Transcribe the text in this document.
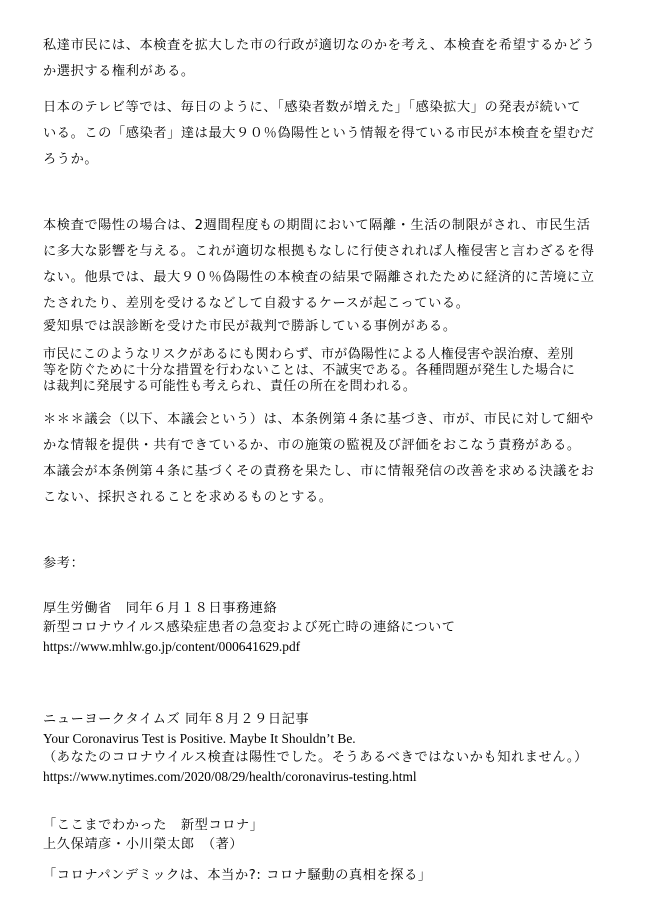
私達市民には、本検査を拡大した市の行政が適切なのかを考え、本検査を希望するかどう
か選択する権利がある。
日本のテレビ等では、毎日のように、「感染者数が増えた」「感染拡大」の発表が続いて
いる。この「感染者」達は最大９０％偽陽性という情報を得ている市民が本検査を望むだ
ろうか。
本検査で陽性の場合は、2週間程度もの期間において隔離・生活の制限がされ、市民生活
に多大な影響を与える。これが適切な根拠もなしに行使されれば人権侵害と言わざるを得
ない。他県では、最大９０％偽陽性の本検査の結果で隔離されたために経済的に苦境に立
たされたり、差別を受けるなどして自殺するケースが起こっている。
愛知県では誤診断を受けた市民が裁判で勝訴している事例がある。
市民にこのようなリスクがあるにも関わらず、市が偽陽性による人権侵害や誤治療、差別
等を防ぐために十分な措置を行わないことは、不誠実である。各種問題が発生した場合に
は裁判に発展する可能性も考えられ、責任の所在を問われる。
＊＊＊議会（以下、本議会という）は、本条例第４条に基づき、市が、市民に対して細や
かな情報を提供・共有できているか、市の施策の監視及び評価をおこなう責務がある。
本議会が本条例第４条に基づくその責務を果たし、市に情報発信の改善を求める決議をお
こない、採択されることを求めるものとする。
参考：
厚生労働省　同年６月１８日事務連絡
新型コロナウイルス感染症患者の急変および死亡時の連絡について
https://www.mhlw.go.jp/content/000641629.pdf
ニューヨークタイムズ 同年８月２９日記事
Your Coronavirus Test is Positive. Maybe It Shouldn’t Be.
（あなたのコロナウイルス検査は陽性でした。そうあるべきではないかも知れません。）
https://www.nytimes.com/2020/08/29/health/coronavirus-testing.html
「ここまでわかった　新型コロナ」
上久保靖彦・小川榮太郎　（著）
「コロナパンデミックは、本当か?: コロナ騒動の真相を探る」
